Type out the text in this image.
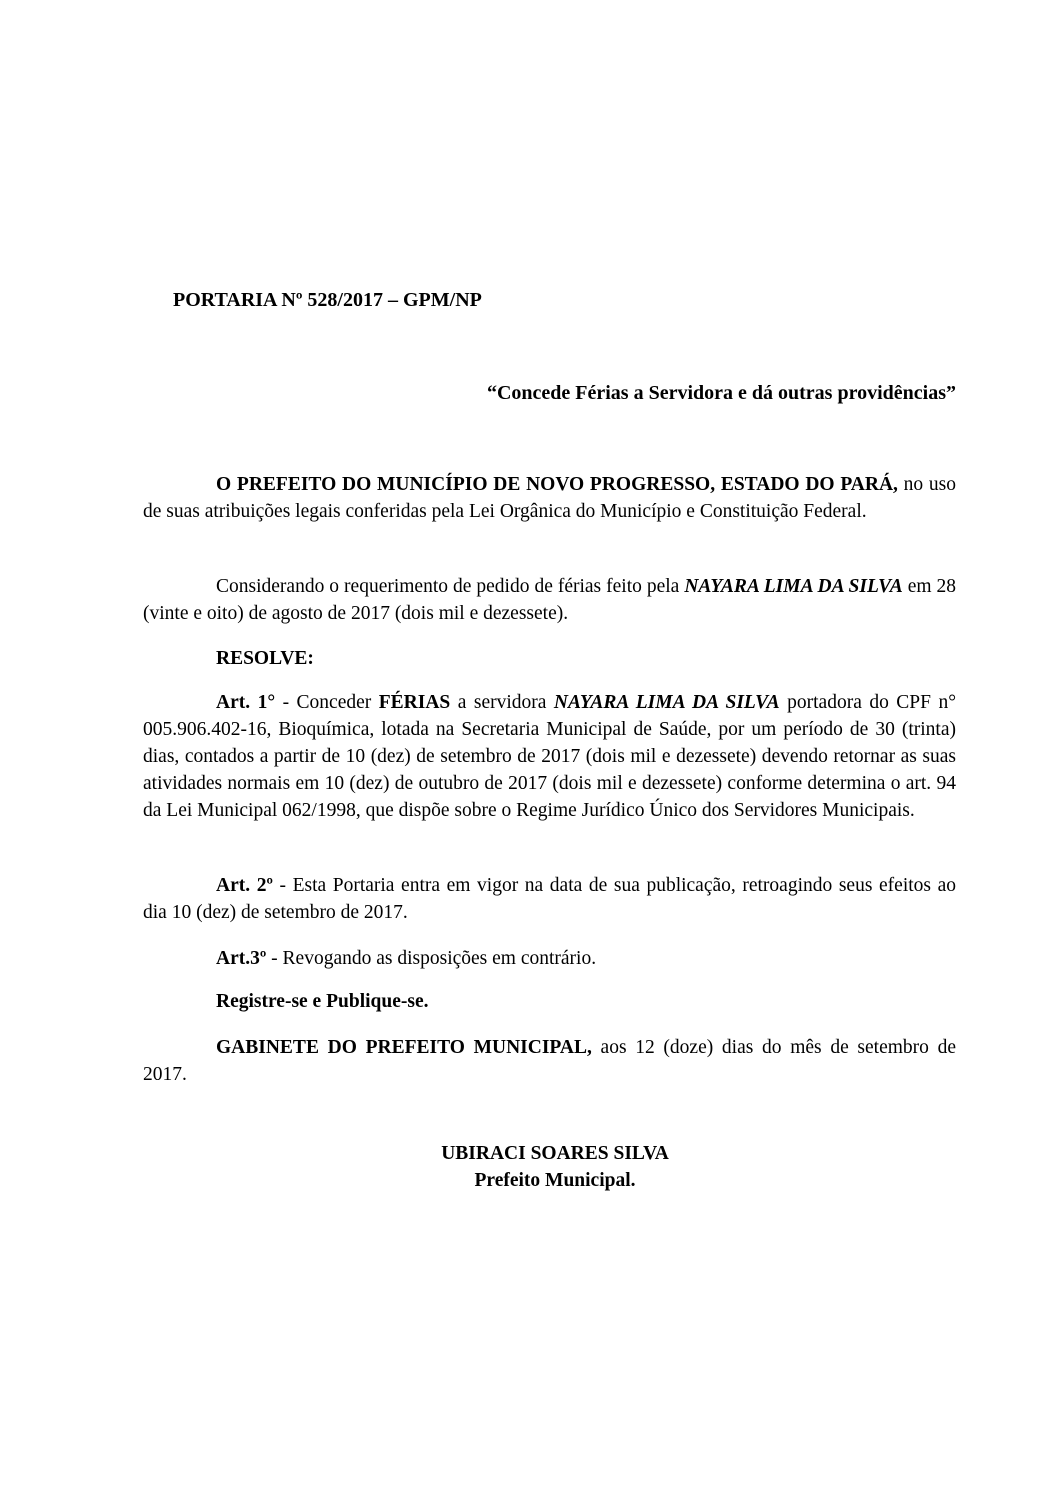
PORTARIA Nº 528/2017 – GPM/NP
“Concede Férias a Servidora e dá outras providências”

O PREFEITO DO MUNICÍPIO DE NOVO PROGRESSO, ESTADO DO PARÁ, no uso de suas atribuições legais conferidas pela Lei Orgânica do Município e Constituição Federal.

Considerando o requerimento de pedido de férias feito pela NAYARA LIMA DA SILVA em 28 (vinte e oito) de agosto de 2017 (dois mil e dezessete).

RESOLVE:

Art. 1° - Conceder FÉRIAS a servidora NAYARA LIMA DA SILVA portadora do CPF n° 005.906.402-16, Bioquímica, lotada na Secretaria Municipal de Saúde, por um período de 30 (trinta) dias, contados a partir de 10 (dez) de setembro de 2017 (dois mil e dezessete) devendo retornar as suas atividades normais em 10 (dez) de outubro de 2017 (dois mil e dezessete) conforme determina o art. 94 da Lei Municipal 062/1998, que dispõe sobre o Regime Jurídico Único dos Servidores Municipais.

Art. 2º - Esta Portaria entra em vigor na data de sua publicação, retroagindo seus efeitos ao dia 10 (dez) de setembro de 2017.

Art.3º - Revogando as disposições em contrário.

Registre-se e Publique-se.

GABINETE DO PREFEITO MUNICIPAL, aos 12 (doze) dias do mês de setembro de 2017.

UBIRACI SOARES SILVA
Prefeito Municipal.
